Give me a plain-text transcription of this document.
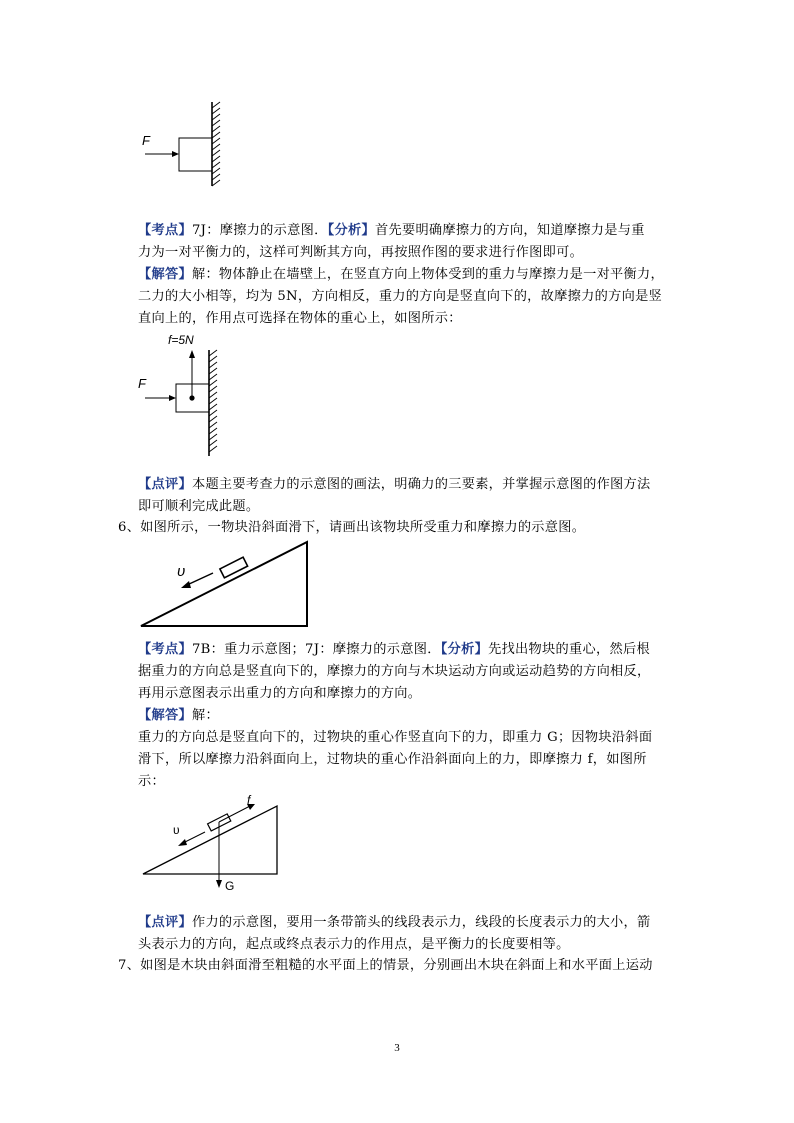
F
【考点】7J：摩擦力的示意图．【分析】首先要明确摩擦力的方向，知道摩擦力是与重
力为一对平衡力的，这样可判断其方向，再按照作图的要求进行作图即可。
【解答】解：物体静止在墙壁上，在竖直方向上物体受到的重力与摩擦力是一对平衡力，
二力的大小相等，均为 5N，方向相反，重力的方向是竖直向下的，故摩擦力的方向是竖
直向上的，作用点可选择在物体的重心上，如图所示：
f=5N
F
【点评】本题主要考查力的示意图的画法，明确力的三要素，并掌握示意图的作图方法
即可顺利完成此题。
6、如图所示，一物块沿斜面滑下，请画出该物块所受重力和摩擦力的示意图。
υ
【考点】7B：重力示意图；7J：摩擦力的示意图．【分析】先找出物块的重心，然后根
据重力的方向总是竖直向下的，摩擦力的方向与木块运动方向或运动趋势的方向相反，
再用示意图表示出重力的方向和摩擦力的方向。
【解答】解：
重力的方向总是竖直向下的，过物块的重心作竖直向下的力，即重力 G；因物块沿斜面
滑下，所以摩擦力沿斜面向上，过物块的重心作沿斜面向上的力，即摩擦力 f，如图所
示：
υ
f
G
【点评】作力的示意图，要用一条带箭头的线段表示力，线段的长度表示力的大小，箭
头表示力的方向，起点或终点表示力的作用点，是平衡力的长度要相等。
7、如图是木块由斜面滑至粗糙的水平面上的情景，分别画出木块在斜面上和水平面上运动
3
